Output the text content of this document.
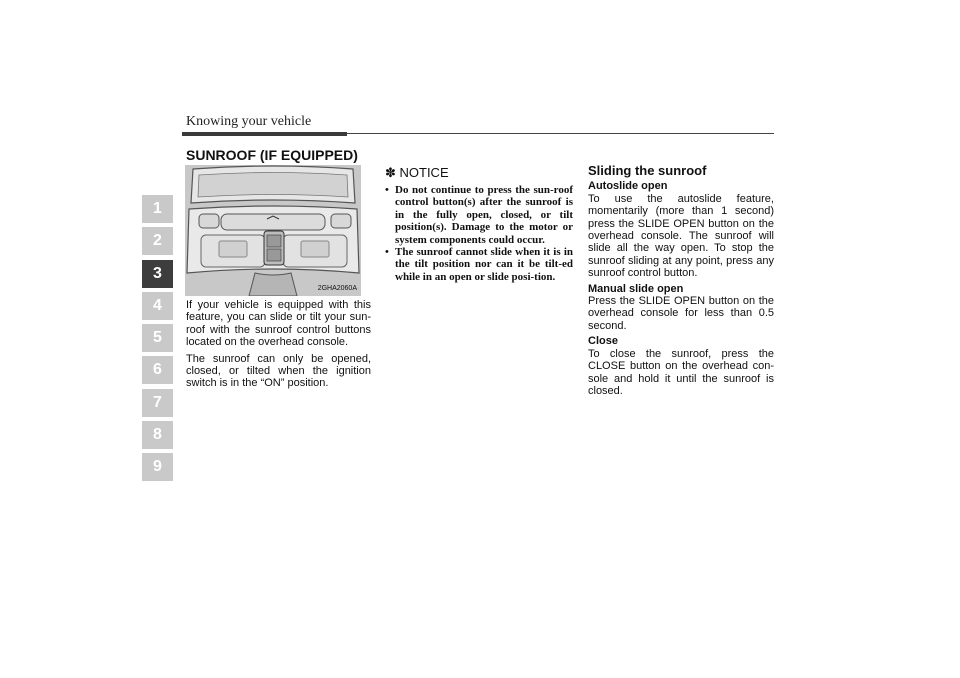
Knowing your vehicle
SUNROOF (IF EQUIPPED)
1
2
3
4
5
6
7
8
9
2GHA2060A

If your vehicle is equipped with this feature, you can slide or tilt your sun-roof with the sunroof control buttons located on the overhead console.

The sunroof can only be opened, closed, or tilted when the ignition switch is in the “ON” position.

✽ NOTICE
• Do not continue to press the sun-roof control button(s) after the sunroof is in the fully open, closed, or tilt position(s). Damage to the motor or system components could occur.
• The sunroof cannot slide when it is in the tilt position nor can it be tilt-ed while in an open or slide posi-tion.
Sliding the sunroof
Autoslide open

To use the autoslide feature, momentarily (more than 1 second) press the SLIDE OPEN button on the overhead console. The sunroof will slide all the way open. To stop the sunroof sliding at any point, press any sunroof control button.

Manual slide open

Press the SLIDE OPEN button on the overhead console for less than 0.5 second.

Close

To close the sunroof, press the CLOSE button on the overhead con-sole and hold it until the sunroof is closed.
